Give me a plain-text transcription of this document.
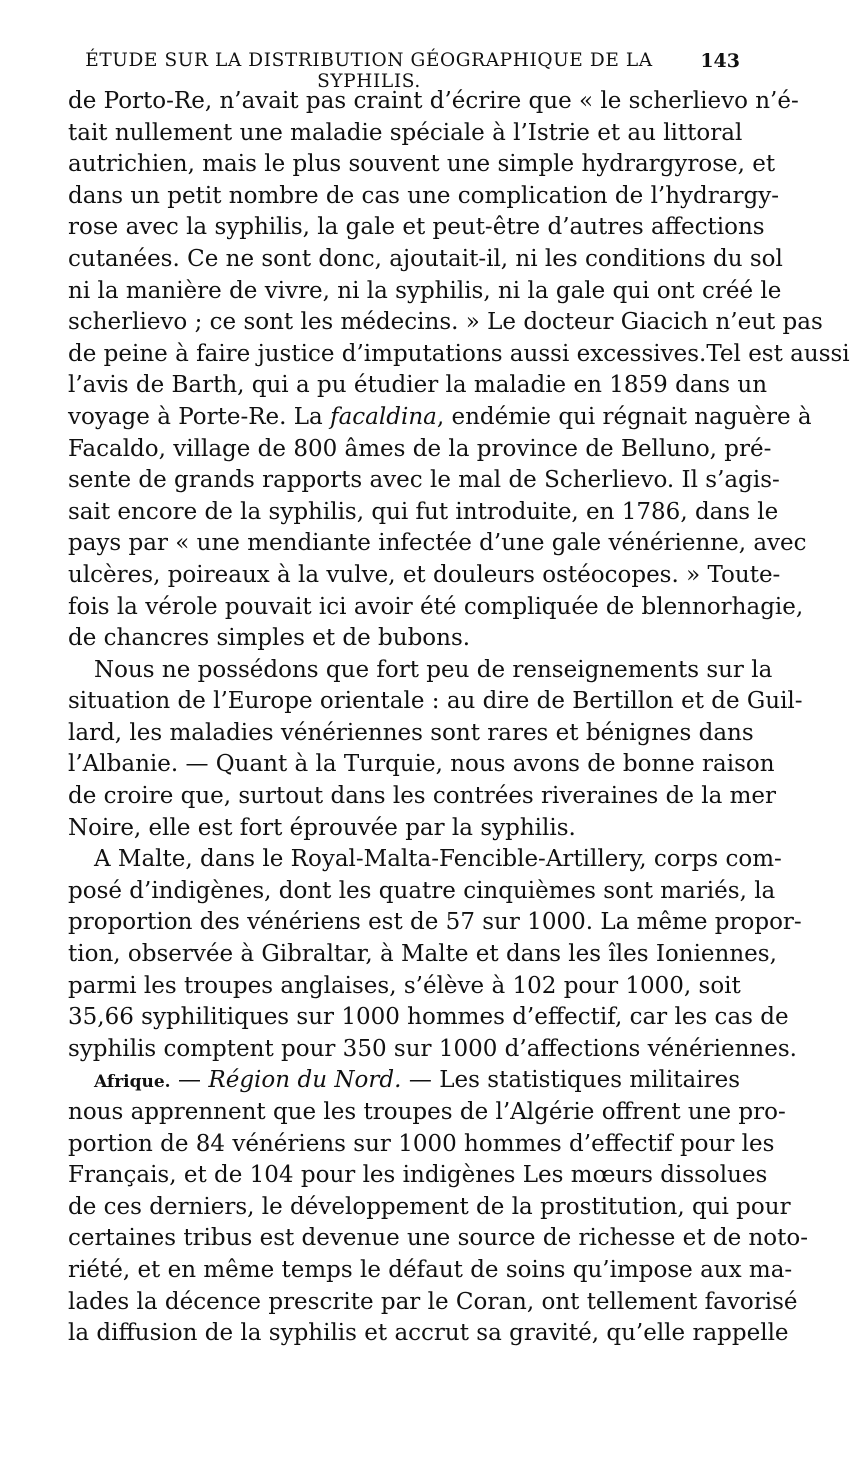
ÉTUDE SUR LA DISTRIBUTION GÉOGRAPHIQUE DE LA SYPHILIS.
143
de Porto-Re, n’avait pas craint d’écrire que « le scherlievo n’é-
tait nullement une maladie spéciale à l’Istrie et au littoral
autrichien, mais le plus souvent une simple hydrargyrose, et
dans un petit nombre de cas une complication de l’hydrargy-
rose avec la syphilis, la gale et peut-être d’autres affections
cutanées. Ce ne sont donc, ajoutait-il, ni les conditions du sol
ni la manière de vivre, ni la syphilis, ni la gale qui ont créé le
scherlievo ; ce sont les médecins. » Le docteur Giacich n’eut pas
de peine à faire justice d’imputations aussi excessives.Tel est aussi
l’avis de Barth, qui a pu étudier la maladie en 1859 dans un
voyage à Porte-Re. La facaldina, endémie qui régnait naguère à
Facaldo, village de 800 âmes de la province de Belluno, pré-
sente de grands rapports avec le mal de Scherlievo. Il s’agis-
sait encore de la syphilis, qui fut introduite, en 1786, dans le
pays par « une mendiante infectée d’une gale vénérienne, avec
ulcères, poireaux à la vulve, et douleurs ostéocopes. » Toute-
fois la vérole pouvait ici avoir été compliquée de blennorhagie,
de chancres simples et de bubons.
Nous ne possédons que fort peu de renseignements sur la
situation de l’Europe orientale : au dire de Bertillon et de Guil-
lard, les maladies vénériennes sont rares et bénignes dans
l’Albanie. — Quant à la Turquie, nous avons de bonne raison
de croire que, surtout dans les contrées riveraines de la mer
Noire, elle est fort éprouvée par la syphilis.
A Malte, dans le Royal-Malta-Fencible-Artillery, corps com-
posé d’indigènes, dont les quatre cinquièmes sont mariés, la
proportion des vénériens est de 57 sur 1000. La même propor-
tion, observée à Gibraltar, à Malte et dans les îles Ioniennes,
parmi les troupes anglaises, s’élève à 102 pour 1000, soit
35,66 syphilitiques sur 1000 hommes d’effectif, car les cas de
syphilis comptent pour 350 sur 1000 d’affections vénériennes.
Afrique. — Région du Nord. — Les statistiques militaires
nous apprennent que les troupes de l’Algérie offrent une pro-
portion de 84 vénériens sur 1000 hommes d’effectif pour les
Français, et de 104 pour les indigènes Les mœurs dissolues
de ces derniers, le développement de la prostitution, qui pour
certaines tribus est devenue une source de richesse et de noto-
riété, et en même temps le défaut de soins qu’impose aux ma-
lades la décence prescrite par le Coran, ont tellement favorisé
la diffusion de la syphilis et accrut sa gravité, qu’elle rappelle
